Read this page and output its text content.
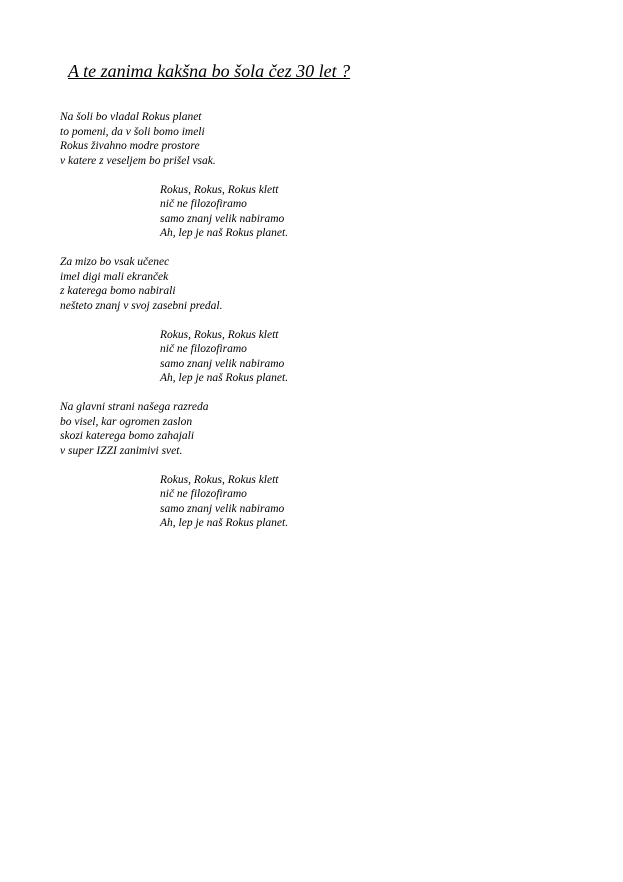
A te zanima kakšna bo šola čez 30 let ?
Na šoli bo vladal Rokus planet
to pomeni, da v šoli bomo imeli
Rokus živahno modre prostore
v katere z veseljem bo prišel vsak.
Rokus, Rokus, Rokus klett
nič ne filozofiramo
samo znanj velik nabiramo
Ah, lep je naš Rokus planet.
Za mizo bo vsak učenec
imel digi mali ekranček
z katerega bomo nabirali
nešteto znanj v svoj zasebni predal.
Rokus, Rokus, Rokus klett
nič ne filozofiramo
samo znanj velik nabiramo
Ah, lep je naš Rokus planet.
Na glavni strani našega razreda
bo visel, kar ogromen zaslon
skozi katerega bomo zahajali
v super IZZI zanimivi svet.
Rokus, Rokus, Rokus klett
nič ne filozofiramo
samo znanj velik nabiramo
Ah, lep je naš Rokus planet.
